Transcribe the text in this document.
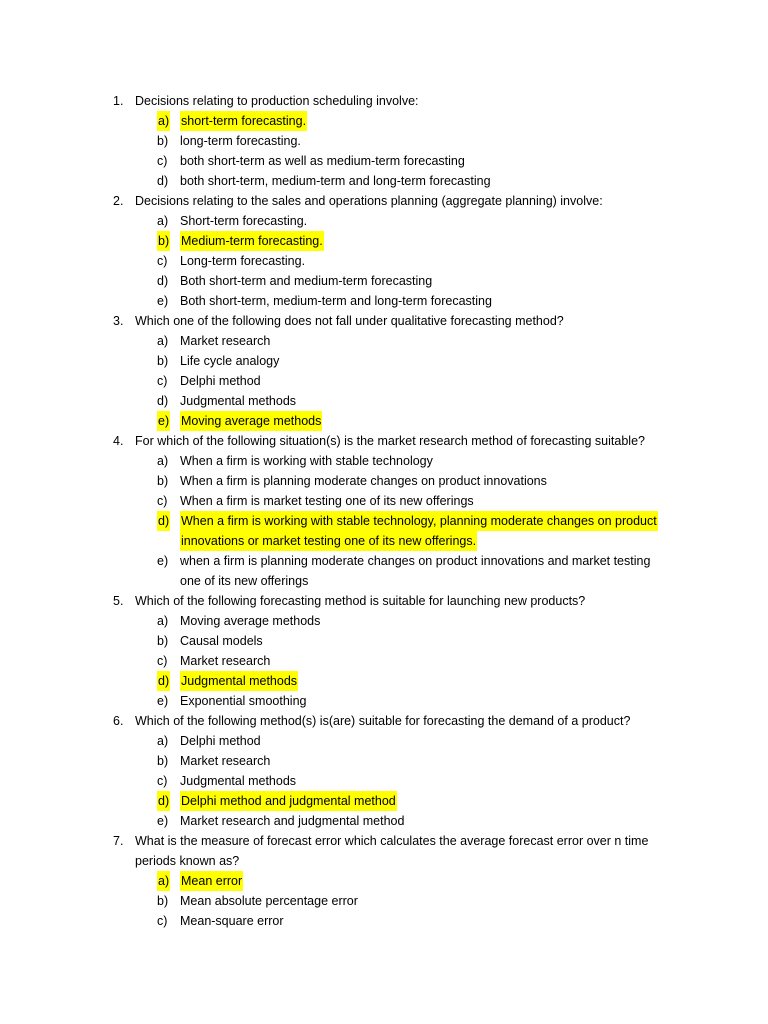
1. Decisions relating to production scheduling involve:
a) short-term forecasting.
b) long-term forecasting.
c) both short-term as well as medium-term forecasting
d) both short-term, medium-term and long-term forecasting
2. Decisions relating to the sales and operations planning (aggregate planning) involve:
a) Short-term forecasting.
b) Medium-term forecasting.
c) Long-term forecasting.
d) Both short-term and medium-term forecasting
e) Both short-term, medium-term and long-term forecasting
3. Which one of the following does not fall under qualitative forecasting method?
a) Market research
b) Life cycle analogy
c) Delphi method
d) Judgmental methods
e) Moving average methods
4. For which of the following situation(s) is the market research method of forecasting suitable?
a) When a firm is working with stable technology
b) When a firm is planning moderate changes on product innovations
c) When a firm is market testing one of its new offerings
d) When a firm is working with stable technology, planning moderate changes on product
innovations or market testing one of its new offerings.
e) when a firm is planning moderate changes on product innovations and market testing
one of its new offerings
5. Which of the following forecasting method is suitable for launching new products?
a) Moving average methods
b) Causal models
c) Market research
d) Judgmental methods
e) Exponential smoothing
6. Which of the following method(s) is(are) suitable for forecasting the demand of a product?
a) Delphi method
b) Market research
c) Judgmental methods
d) Delphi method and judgmental method
e) Market research and judgmental method
7. What is the measure of forecast error which calculates the average forecast error over n time
periods known as?
a) Mean error
b) Mean absolute percentage error
c) Mean-square error
